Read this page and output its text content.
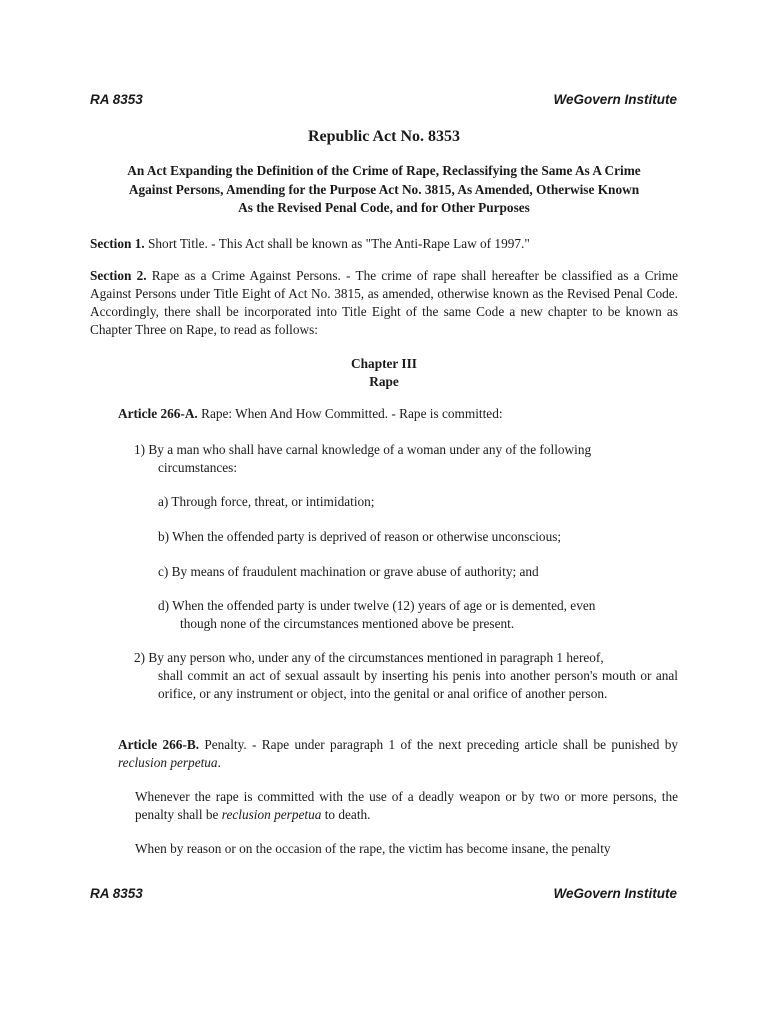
RA 8353	WeGovern Institute
Republic Act No. 8353
An Act Expanding the Definition of the Crime of Rape, Reclassifying the Same As A Crime
Against Persons, Amending for the Purpose Act No. 3815, As Amended, Otherwise Known
As the Revised Penal Code, and for Other Purposes
Section 1. Short Title. - This Act shall be known as "The Anti-Rape Law of 1997."
Section 2. Rape as a Crime Against Persons. - The crime of rape shall hereafter be classified as a Crime Against Persons under Title Eight of Act No. 3815, as amended, otherwise known as the Revised Penal Code. Accordingly, there shall be incorporated into Title Eight of the same Code a new chapter to be known as Chapter Three on Rape, to read as follows:
Chapter III
Rape
Article 266-A. Rape: When And How Committed. - Rape is committed:
1) By a man who shall have carnal knowledge of a woman under any of the following
circumstances:
a) Through force, threat, or intimidation;
b) When the offended party is deprived of reason or otherwise unconscious;
c) By means of fraudulent machination or grave abuse of authority; and
d) When the offended party is under twelve (12) years of age or is demented, even
though none of the circumstances mentioned above be present.
2) By any person who, under any of the circumstances mentioned in paragraph 1 hereof,
shall commit an act of sexual assault by inserting his penis into another person's mouth or anal orifice, or any instrument or object, into the genital or anal orifice of another person.
Article 266-B. Penalty. - Rape under paragraph 1 of the next preceding article shall be punished by reclusion perpetua.
Whenever the rape is committed with the use of a deadly weapon or by two or more persons, the penalty shall be reclusion perpetua to death.
When by reason or on the occasion of the rape, the victim has become insane, the penalty
RA 8353	WeGovern Institute
